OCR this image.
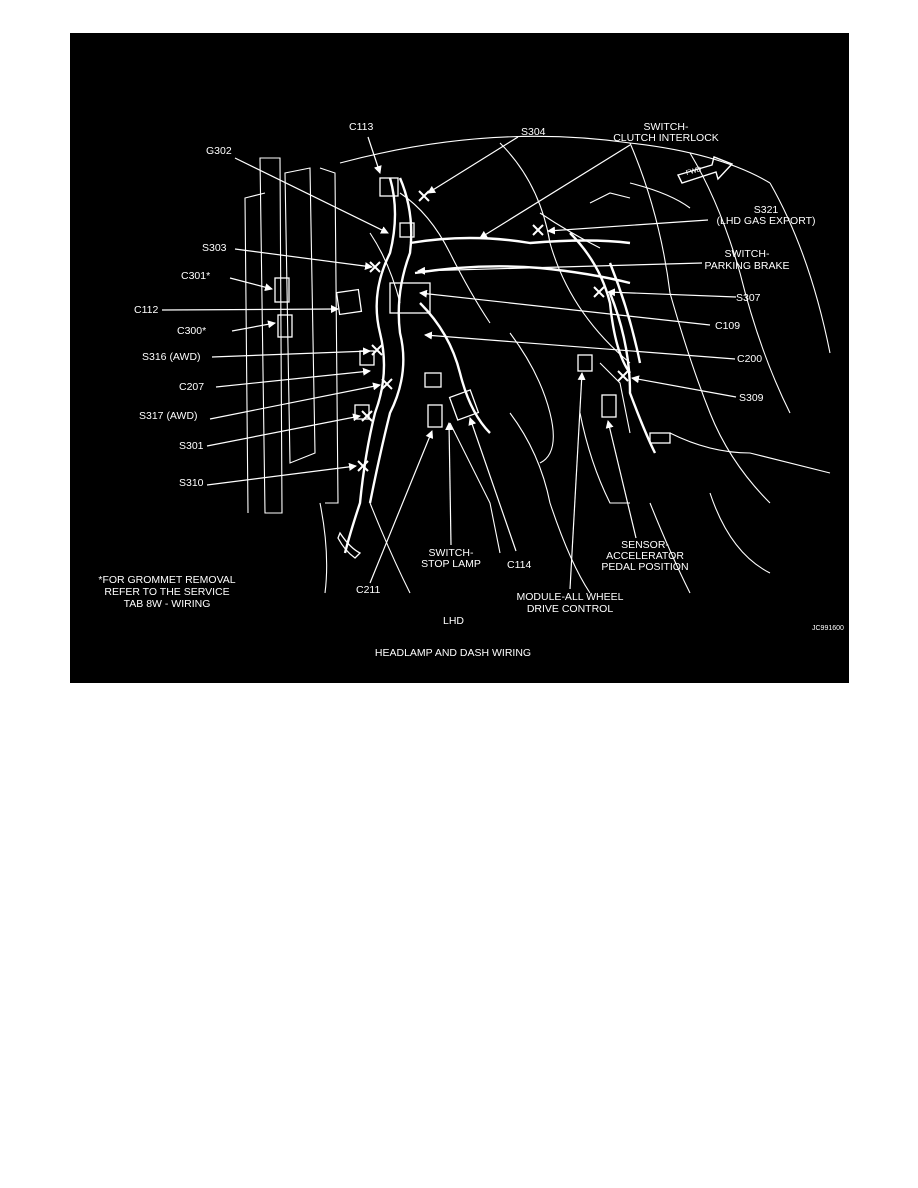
C113	S304	SWITCH-
CLUTCH INTERLOCK
G302
S321
(LHD GAS EXPORT)
S303	SWITCH-
PARKING BRAKE
C301*
S307
C112
C300*	C109
S316 (AWD)	C200
C207
S309
S317 (AWD)
S301
S310
SWITCH-
STOP LAMP C114
SENSOR-
ACCELERATOR
PEDAL POSITION
*FOR GROMMET REMOVAL
REFER TO THE SERVICE
TAB 8W - WIRING
C211
MODULE-ALL WHEEL
DRIVE CONTROL
LHD
FWD
JC991600
HEADLAMP AND DASH WIRING
